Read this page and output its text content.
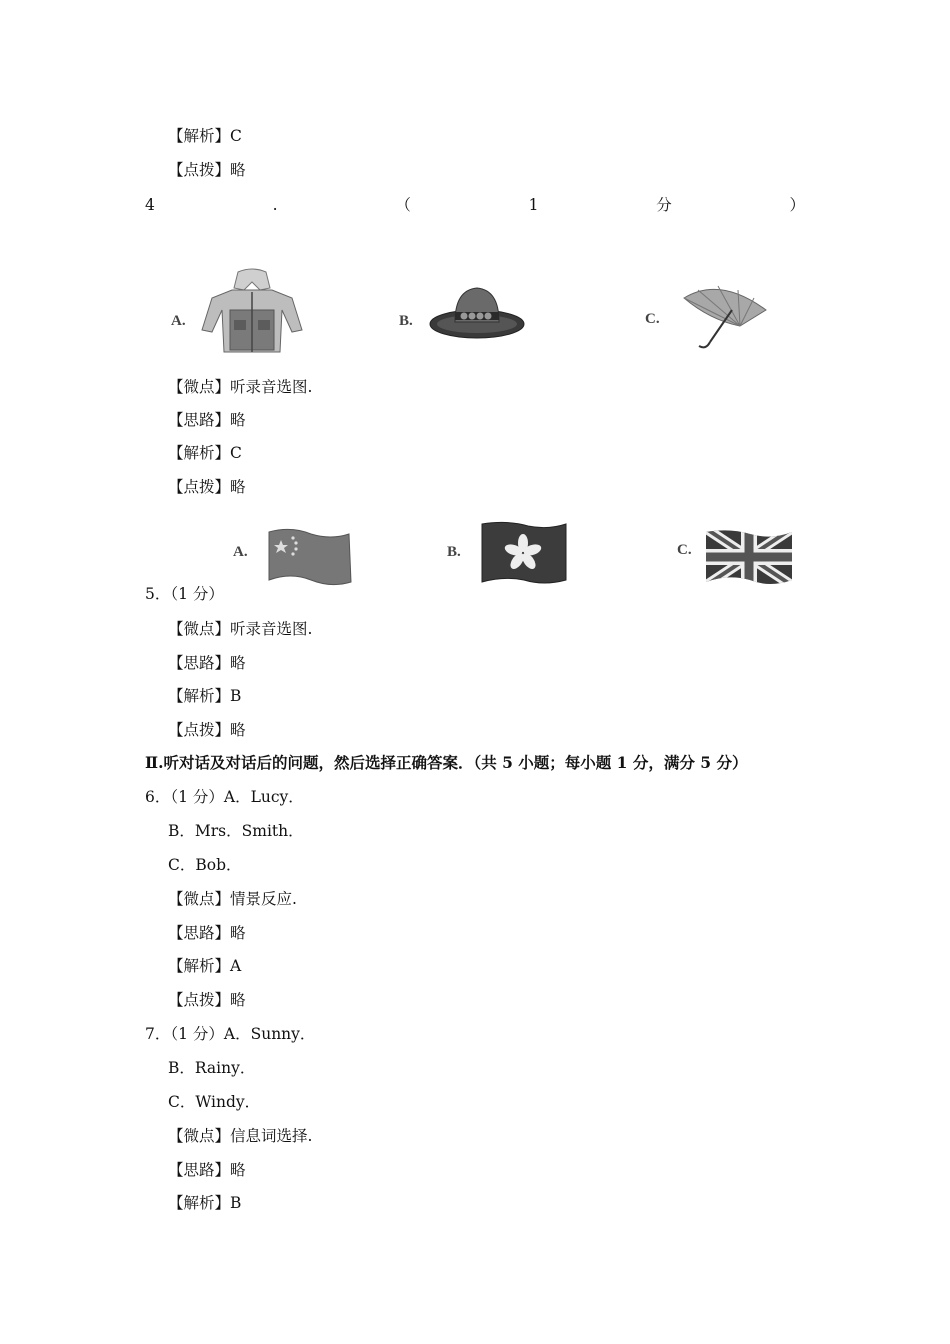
【解析】C
【点拨】略
4	.	（	1	分	）
A.	B.	C.
【微点】听录音选图.
【思路】略
【解析】C
【点拨】略
A.	B.	C.
5．（1 分）
【微点】听录音选图.
【思路】略
【解析】B
【点拨】略
Ⅱ.听对话及对话后的问题，然后选择正确答案．（共 5 小题；每小题 1 分，满分 5 分）
6．（1 分）A．Lucy．
B．Mrs．Smith．
C．Bob．
【微点】情景反应.
【思路】略
【解析】A
【点拨】略
7．（1 分）A．Sunny．
B．Rainy．
C．Windy．
【微点】信息词选择.
【思路】略
【解析】B
